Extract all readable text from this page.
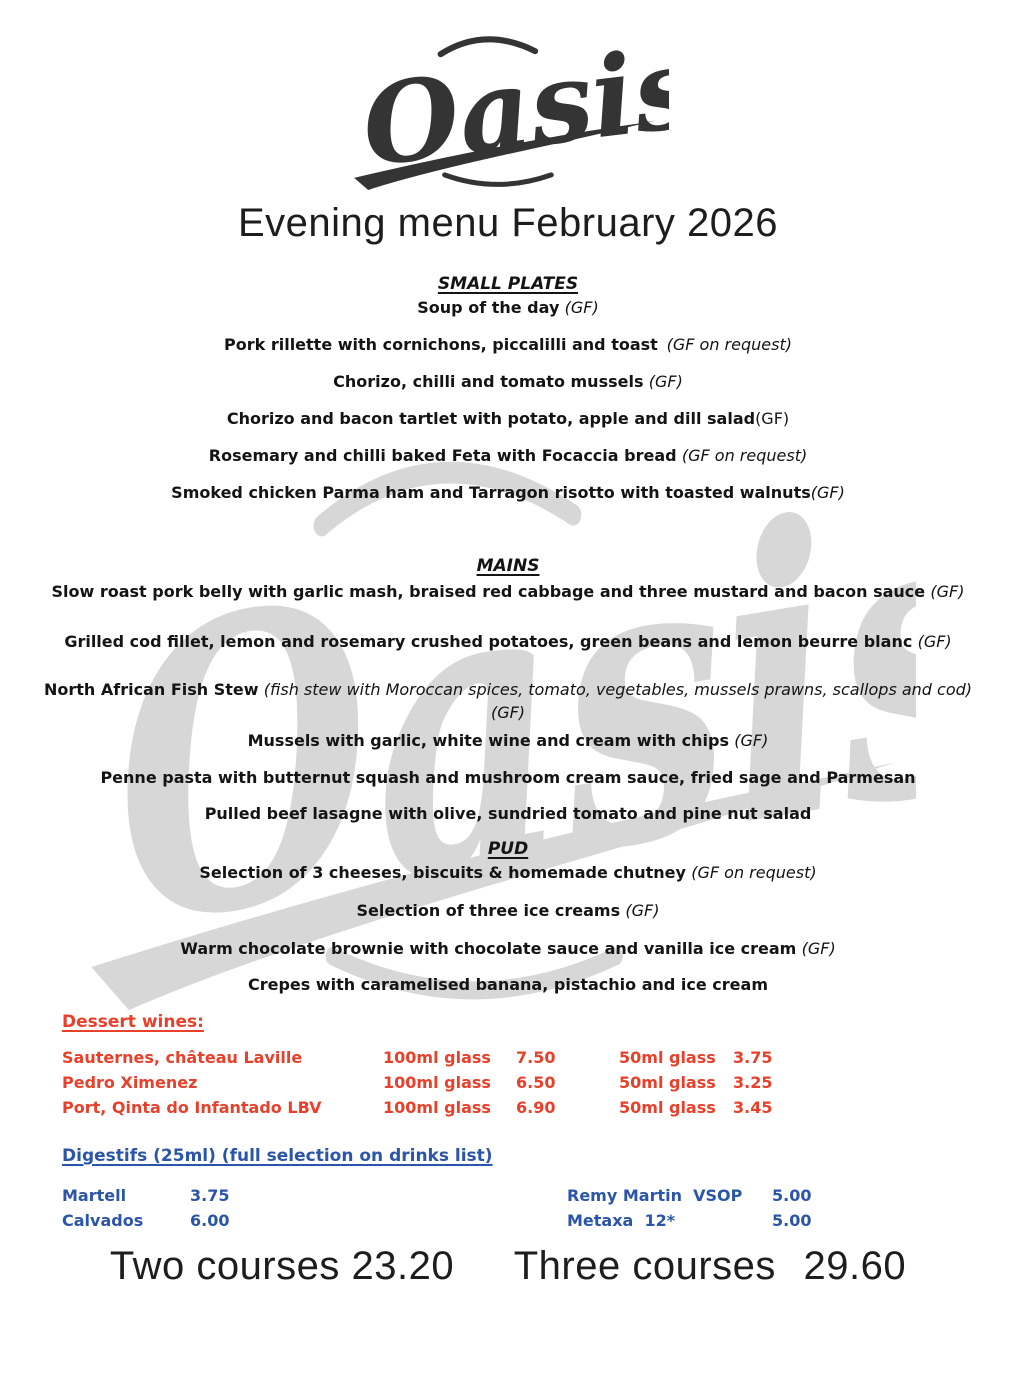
Evening menu February 2026

SMALL PLATES

Soup of the day (GF)

Pork rillette with cornichons, piccalilli and toast (GF on request)

Chorizo, chilli and tomato mussels (GF)

Chorizo and bacon tartlet with potato, apple and dill salad(GF)

Rosemary and chilli baked Feta with Focaccia bread (GF on request)

Smoked chicken Parma ham and Tarragon risotto with toasted walnuts(GF)

MAINS

Slow roast pork belly with garlic mash, braised red cabbage and three mustard and bacon sauce (GF)

Grilled cod fillet, lemon and rosemary crushed potatoes, green beans and lemon beurre blanc (GF)

North African Fish Stew (fish stew with Moroccan spices, tomato, vegetables, mussels prawns, scallops and cod) (GF)

Mussels with garlic, white wine and cream with chips (GF)

Penne pasta with butternut squash and mushroom cream sauce, fried sage and Parmesan

Pulled beef lasagne with olive, sundried tomato and pine nut salad

PUD

Selection of 3 cheeses, biscuits & homemade chutney (GF on request)

Selection of three ice creams (GF)

Warm chocolate brownie with chocolate sauce and vanilla ice cream (GF)

Crepes with caramelised banana, pistachio and ice cream

Dessert wines:

Sauternes, château Laville	100ml glass	7.50	50ml glass	3.75
Pedro Ximenez	100ml glass	6.50	50ml glass	3.25
Port, Qinta do Infantado LBV	100ml glass	6.90	50ml glass	3.45

Digestifs (25ml) (full selection on drinks list)

Martell	3.75	Remy Martin  VSOP	5.00
Calvados	6.00	Metaxa  12*	5.00
Two courses 23.20 Three courses 29.60
